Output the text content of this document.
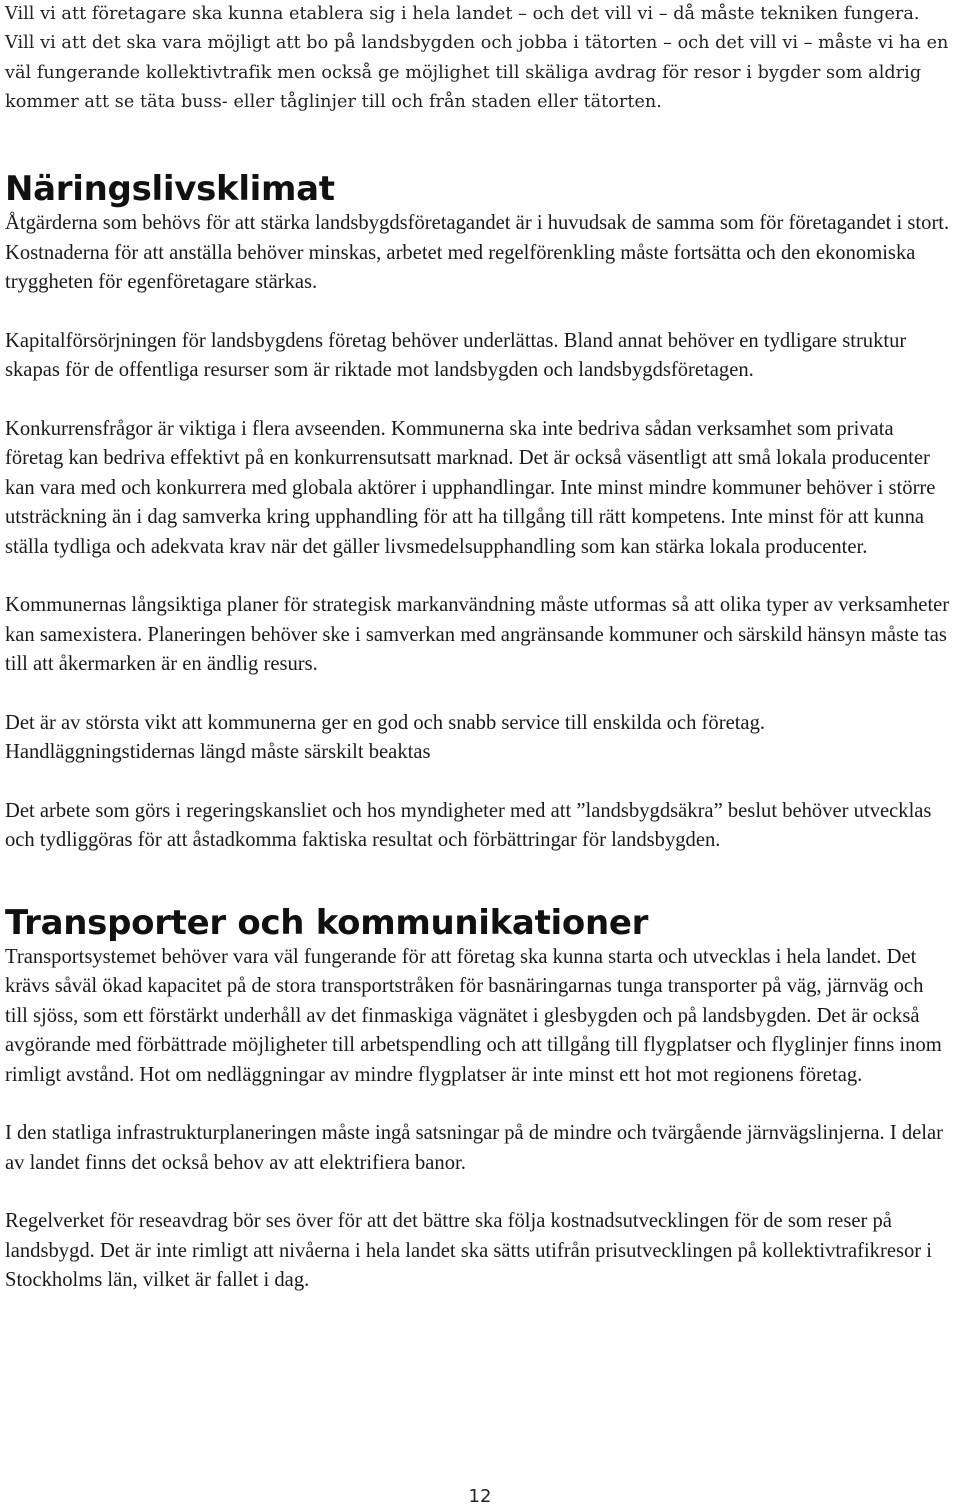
Vill vi att företagare ska kunna etablera sig i hela landet – och det vill vi – då måste tekniken fungera. Vill vi att det ska vara möjligt att bo på landsbygden och jobba i tätorten – och det vill vi – måste vi ha en väl fungerande kollektivtrafik men också ge möjlighet till skäliga avdrag för resor i bygder som aldrig kommer att se täta buss- eller tåglinjer till och från staden eller tätorten.

Näringslivsklimat

Åtgärderna som behövs för att stärka landsbygdsföretagandet är i huvudsak de samma som för företagandet i stort. Kostnaderna för att anställa behöver minskas, arbetet med regelförenkling måste fortsätta och den ekonomiska tryggheten för egenföretagare stärkas.

Kapitalförsörjningen för landsbygdens företag behöver underlättas. Bland annat behöver en tydligare struktur skapas för de offentliga resurser som är riktade mot landsbygden och landsbygdsföretagen.

Konkurrensfrågor är viktiga i flera avseenden. Kommunerna ska inte bedriva sådan verksamhet som privata företag kan bedriva effektivt på en konkurrensutsatt marknad. Det är också väsentligt att små lokala producenter kan vara med och konkurrera med globala aktörer i upphandlingar. Inte minst mindre kommuner behöver i större utsträckning än i dag samverka kring upphandling för att ha tillgång till rätt kompetens. Inte minst för att kunna ställa tydliga och adekvata krav när det gäller livsmedelsupphandling som kan stärka lokala producenter.

Kommunernas långsiktiga planer för strategisk markanvändning måste utformas så att olika typer av verksamheter kan samexistera. Planeringen behöver ske i samverkan med angränsande kommuner och särskild hänsyn måste tas till att åkermarken är en ändlig resurs.

Det är av största vikt att kommunerna ger en god och snabb service till enskilda och företag. Handläggningstidernas längd måste särskilt beaktas

Det arbete som görs i regeringskansliet och hos myndigheter med att ”landsbygdsäkra” beslut behöver utvecklas och tydliggöras för att åstadkomma faktiska resultat och förbättringar för landsbygden.

Transporter och kommunikationer

Transportsystemet behöver vara väl fungerande för att företag ska kunna starta och utvecklas i hela landet. Det krävs såväl ökad kapacitet på de stora transportstråken för basnäringarnas tunga transporter på väg, järnväg och till sjöss, som ett förstärkt underhåll av det finmaskiga vägnätet i glesbygden och på landsbygden. Det är också avgörande med förbättrade möjligheter till arbetspendling och att tillgång till flygplatser och flyglinjer finns inom rimligt avstånd. Hot om nedläggningar av mindre flygplatser är inte minst ett hot mot regionens företag.

I den statliga infrastrukturplaneringen måste ingå satsningar på de mindre och tvärgående järnvägslinjerna. I delar av landet finns det också behov av att elektrifiera banor.

Regelverket för reseavdrag bör ses över för att det bättre ska följa kostnadsutvecklingen för de som reser på landsbygd. Det är inte rimligt att nivåerna i hela landet ska sätts utifrån prisutvecklingen på kollektivtrafikresor i Stockholms län, vilket är fallet i dag.

12
